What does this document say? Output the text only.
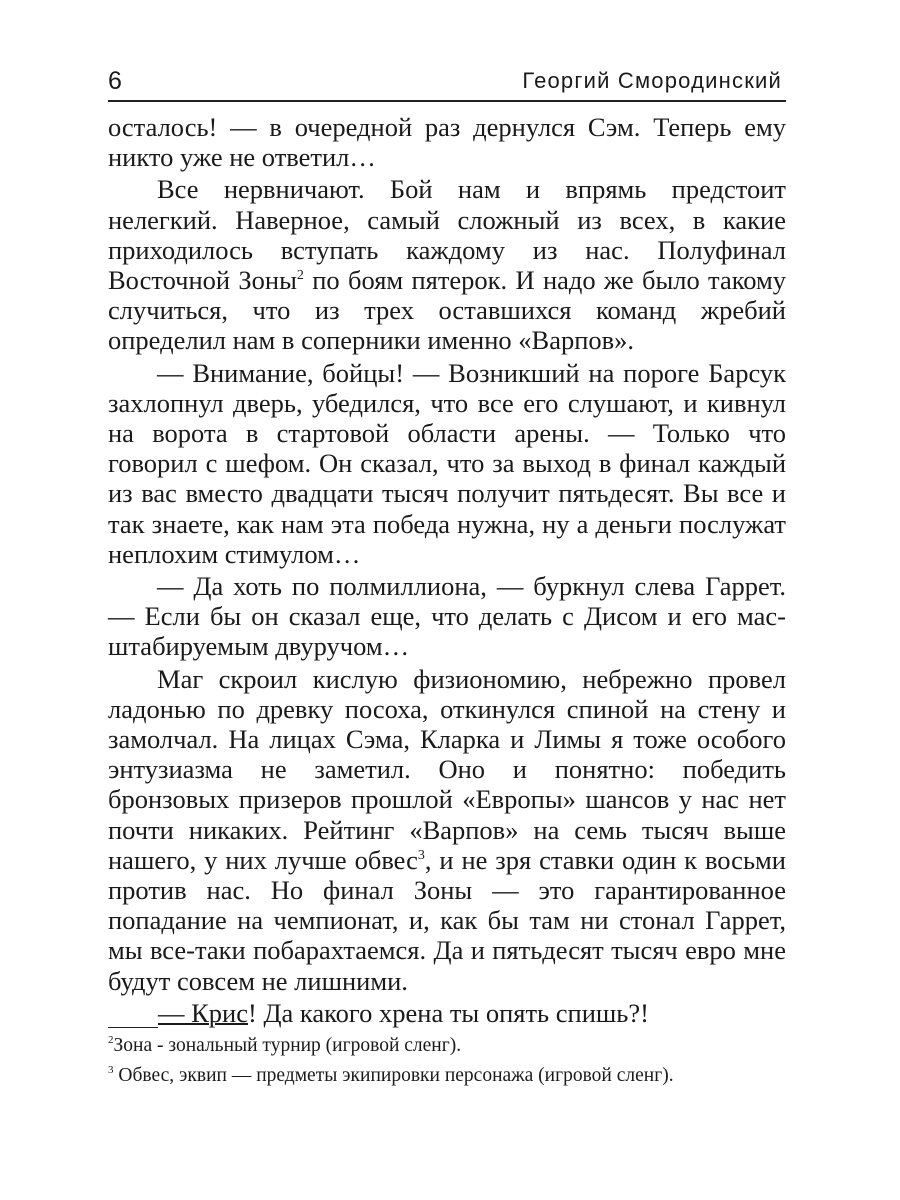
6	Георгий Смородинский

осталось! — в очередной раз дернулся Сэм. Теперь ему никто уже не ответил…

Все нервничают. Бой нам и впрямь предстоит нелегкий. Наверное, самый сложный из всех, в какие приходилось вступать каждому из нас. Полуфинал Восточной Зоны$^2$ по боям пятерок. И надо же было такому случиться, что из трех оставшихся команд жребий определил нам в соперники именно «Варпов».

— Внимание, бойцы! — Возникший на пороге Барсук захлопнул дверь, убедился, что все его слушают, и кивнул на ворота в стартовой области арены. — Только что говорил с шефом. Он сказал, что за выход в финал каждый из вас вместо двадцати тысяч получит пятьдесят. Вы все и так знаете, как нам эта победа нужна, ну а деньги послужат неплохим стимулом…

— Да хоть по полмиллиона, — буркнул слева Гаррет. — Если бы он сказал еще, что делать с Дисом и его масштабируемым двуручом…

Маг скроил кислую физиономию, небрежно провел ладонью по древку посоха, откинулся спиной на стену и замолчал. На лицах Сэма, Кларка и Лимы я тоже особого энтузиазма не заметил. Оно и понятно: победить бронзовых призеров прошлой «Европы» шансов у нас нет почти никаких. Рейтинг «Варпов» на семь тысяч выше нашего, у них лучше обвес$^3$, и не зря ставки один к восьми против нас. Но финал Зоны — это гарантированное попадание на чемпионат, и, как бы там ни стонал Гаррет, мы все-таки побарахтаемся. Да и пятьдесят тысяч евро мне будут совсем не лишними.

— Крис! Да какого хрена ты опять спишь?!

$^2$Зона - зональный турнир (игровой сленг).

$^3$ Обвес, эквип — предметы экипировки персонажа (игровой сленг).
